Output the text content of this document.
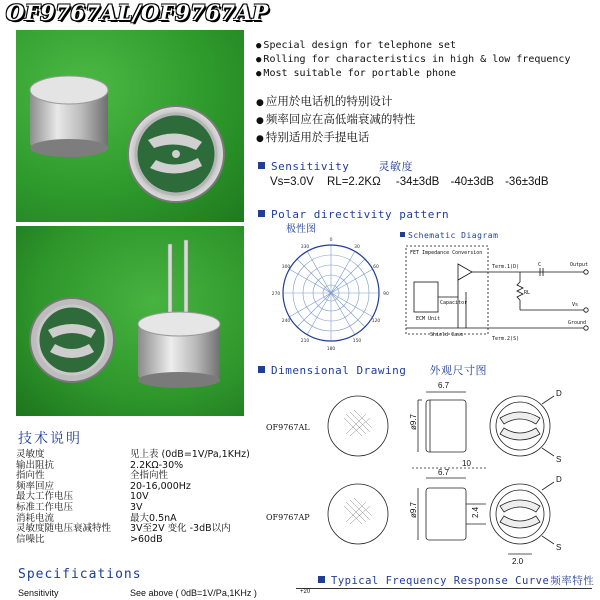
OF9767AL/OF9767AP
● Special design for telephone set
● Rolling for characteristics in high & low frequency
● Most suitable for portable phone
● 应用於电话机的特别设计
● 频率回应在高低端衰减的特性
● 特别适用於手提电话
Sensitivity	灵敏度
Vs=3.0V RL=2.2KΩ -34±3dB -40±3dB -36±3dB
Polar directivity pattern
极性图
0
30
60
90
120
150
180
210
240
270
300
330
Schematic Diagram
FET Impedance Conversion
ECM Unit
Capacitor
Shield Case
Term.1(D)
Term.2(S)
C
RL
Output
Vs
Ground
Dimensional Drawing 外观尺寸图
OF9767AL
OF9767AP
6.7
6.7
10
ø9.7
ø9.7	2.4
2.0
D
S
D
S
技术说明
灵敏度	见上表 (0dB=1V/Pa,1KHz)
输出阻抗	2.2KΩ-30%
指向性	全指向性
频率回应	20-16,000Hz
最大工作电压	10V
标准工作电压	3V
消耗电流	最大0.5nA
灵敏度随电压衰减特性 3V至2V 变化 -3dB以内
信噪比	>60dB
Specifications
Sensitivity	See above ( 0dB=1V/Pa,1KHz )
Typical Frequency Response Curve频率特性
+20
